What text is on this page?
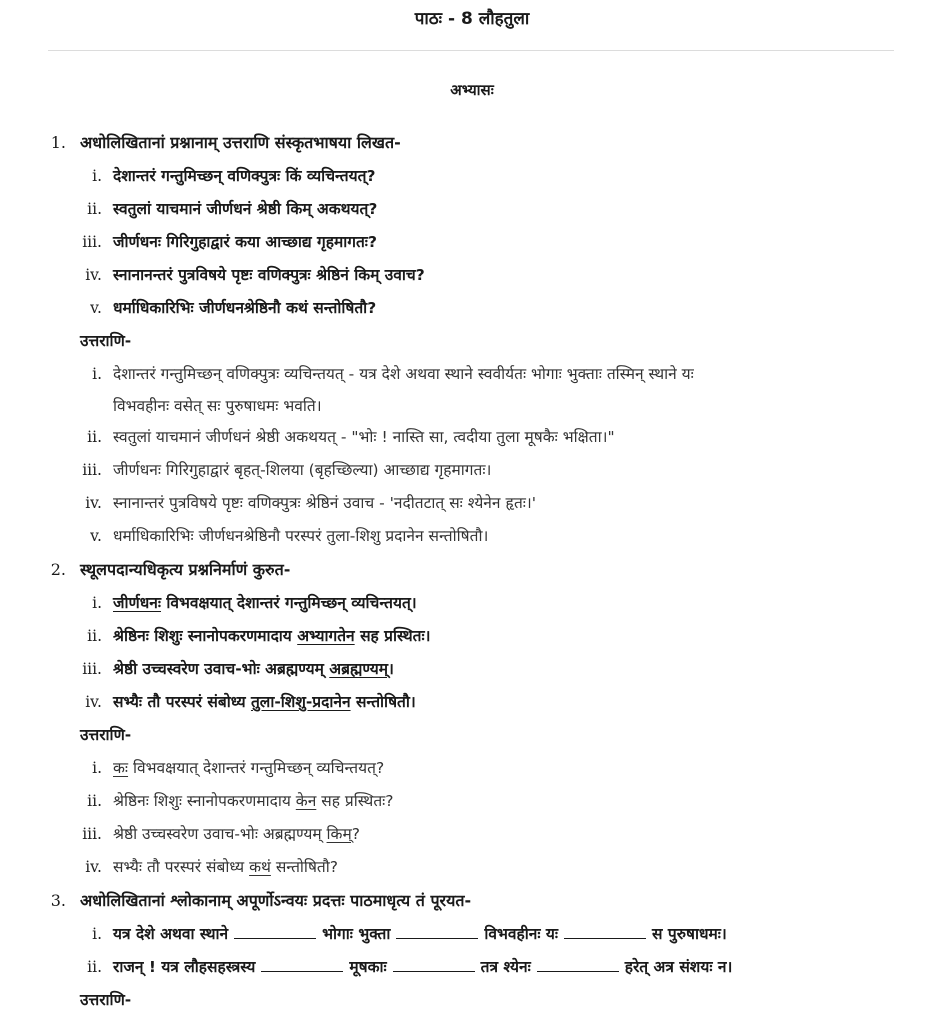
पाठः - 8 लौहतुला
अभ्यासः
1. अधोलिखितानां प्रश्नानाम् उत्तराणि संस्कृतभाषया लिखत-
i. देशान्तरं गन्तुमिच्छन् वणिक्पुत्रः किं व्यचिन्तयत्?
ii. स्वतुलां याचमानं जीर्णधनं श्रेष्ठी किम् अकथयत्?
iii. जीर्णधनः गिरिगुहाद्वारं कया आच्छाद्य गृहमागतः?
iv. स्नानानन्तरं पुत्रविषये पृष्टः वणिक्पुत्रः श्रेष्ठिनं किम् उवाच?
v. धर्माधिकारिभिः जीर्णधनश्रेष्ठिनौ कथं सन्तोषितौ?
उत्तराणि-
i. देशान्तरं गन्तुमिच्छन् वणिक्पुत्रः व्यचिन्तयत् - यत्र देशे अथवा स्थाने स्ववीर्यतः भोगाः भुक्ताः तस्मिन् स्थाने यः
विभवहीनः वसेत् सः पुरुषाधमः भवति।
ii. स्वतुलां याचमानं जीर्णधनं श्रेष्ठी अकथयत् - "भोः ! नास्ति सा, त्वदीया तुला मूषकैः भक्षिता।"
iii. जीर्णधनः गिरिगुहाद्वारं बृहत्-शिलया (बृहच्छिल्या) आच्छाद्य गृहमागतः।
iv. स्नानान्तरं पुत्रविषये पृष्टः वणिक्पुत्रः श्रेष्ठिनं उवाच - 'नदीतटात् सः श्येनेन हृतः।'
v. धर्माधिकारिभिः जीर्णधनश्रेष्ठिनौ परस्परं तुला-शिशु प्रदानेन सन्तोषितौ।
2. स्थूलपदान्यधिकृत्य प्रश्ननिर्माणं कुरुत-
i. जीर्णधनः विभवक्षयात् देशान्तरं गन्तुमिच्छन् व्यचिन्तयत्।
ii. श्रेष्ठिनः शिशुः स्नानोपकरणमादाय अभ्यागतेन सह प्रस्थितः।
iii. श्रेष्ठी उच्चस्वरेण उवाच-भोः अब्रह्मण्यम् अब्रह्मण्यम्।
iv. सभ्यैः तौ परस्परं संबोध्य तुला-शिशु-प्रदानेन सन्तोषितौ।
उत्तराणि-
i. कः विभवक्षयात् देशान्तरं गन्तुमिच्छन् व्यचिन्तयत्?
ii. श्रेष्ठिनः शिशुः स्नानोपकरणमादाय केन सह प्रस्थितः?
iii. श्रेष्ठी उच्चस्वरेण उवाच-भोः अब्रह्मण्यम् किम्?
iv. सभ्यैः तौ परस्परं संबोध्य कथं सन्तोषितौ?
3. अधोलिखितानां श्लोकानाम् अपूर्णोऽन्वयः प्रदत्तः पाठमाधृत्य तं पूरयत-
i. यत्र देशे अथवा स्थाने	भोगाः भुक्ता	विभवहीनः यः	स पुरुषाधमः।
ii. राजन् ! यत्र लौहसहस्त्रस्य	मूषकाः	तत्र श्येनः	हरेत् अत्र संशयः न।
उत्तराणि-
